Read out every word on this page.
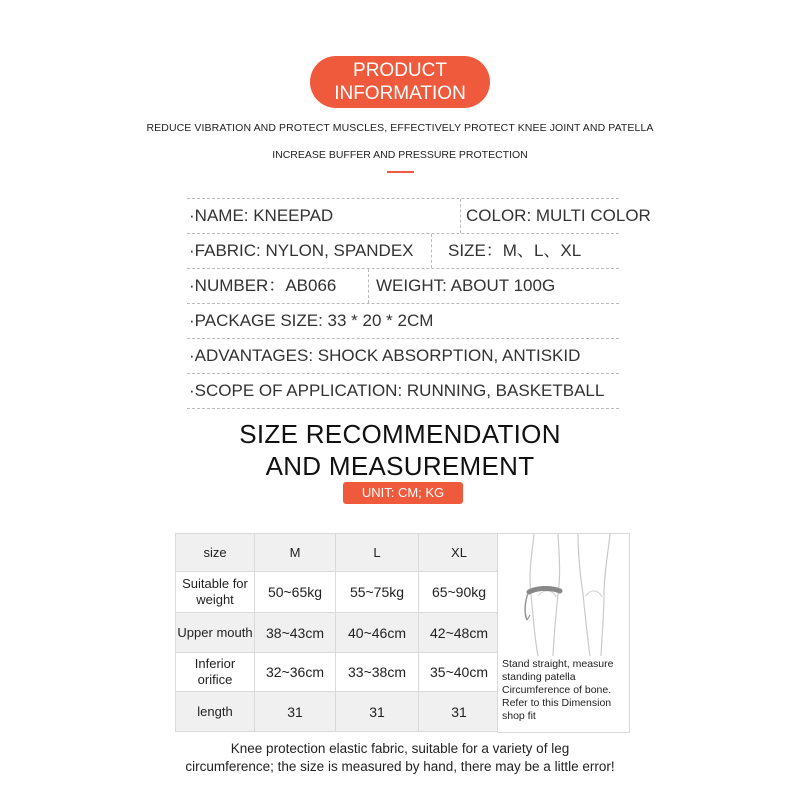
PRODUCT
INFORMATION
REDUCE VIBRATION AND PROTECT MUSCLES, EFFECTIVELY PROTECT KNEE JOINT AND PATELLA
INCREASE BUFFER AND PRESSURE PROTECTION
·NAME: KNEEPAD	COLOR: MULTI COLOR
·FABRIC: NYLON, SPANDEX SIZE：M、L、XL
·NUMBER：AB066 WEIGHT: ABOUT 100G
·PACKAGE SIZE: 33 * 20 * 2CM
·ADVANTAGES: SHOCK ABSORPTION, ANTISKID
·SCOPE OF APPLICATION: RUNNING, BASKETBALL
SIZE RECOMMENDATION
AND MEASUREMENT
UNIT: CM; KG
size	M	L	XL
Suitable for weight	50~65kg	55~75kg	65~90kg
Upper mouth	38~43cm	40~46cm	42~48cm
Inferior orifice	32~36cm	33~38cm	35~40cm
length	31	31	31
Stand straight, measure standing patella Circumference of bone. Refer to this Dimension shop fit
Knee protection elastic fabric, suitable for a variety of leg
circumference; the size is measured by hand, there may be a little error!
